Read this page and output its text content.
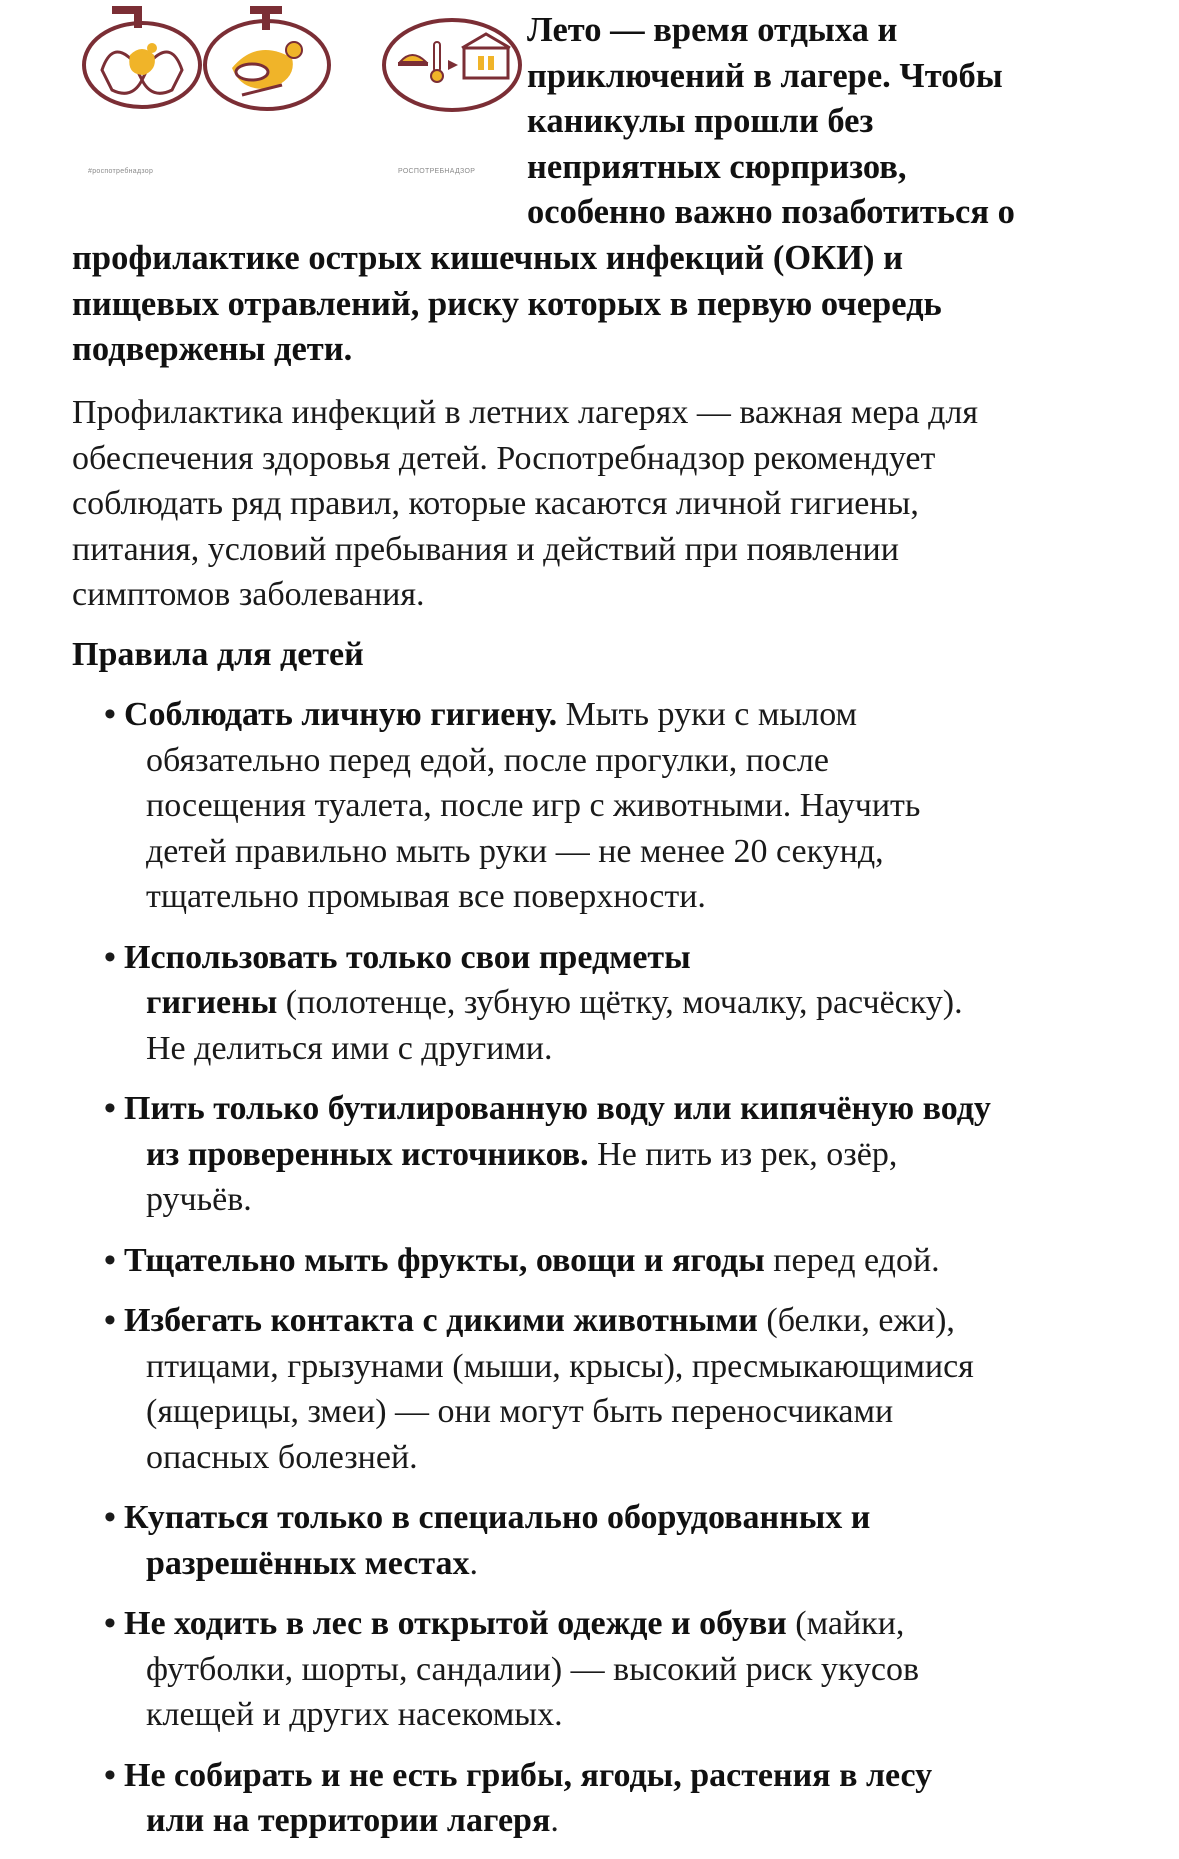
#роспотребнадзор	РОСПОТРЕБНАДЗОР
Лето — время отдыха и
приключений в лагере. Чтобы
каникулы прошли без
неприятных сюрпризов,
особенно важно позаботиться о
профилактике острых кишечных инфекций (ОКИ) и
пищевых отравлений, риску которых в первую очередь
подвержены дети.
Профилактика инфекций в летних лагерях — важная мера для
обеспечения здоровья детей. Роспотребнадзор рекомендует
соблюдать ряд правил, которые касаются личной гигиены,
питания, условий пребывания и действий при появлении
симптомов заболевания.
Правила для детей
• Соблюдать личную гигиену. Мыть руки с мылом
обязательно перед едой, после прогулки, после
посещения туалета, после игр с животными. Научить
детей правильно мыть руки — не менее 20 секунд,
тщательно промывая все поверхности.
• Использовать только свои предметы
гигиены (полотенце, зубную щётку, мочалку, расчёску).
Не делиться ими с другими.
• Пить только бутилированную воду или кипячёную воду
из проверенных источников. Не пить из рек, озёр,
ручьёв.
• Тщательно мыть фрукты, овощи и ягоды перед едой.
• Избегать контакта с дикими животными (белки, ежи),
птицами, грызунами (мыши, крысы), пресмыкающимися
(ящерицы, змеи) — они могут быть переносчиками
опасных болезней.
• Купаться только в специально оборудованных и
разрешённых местах.
• Не ходить в лес в открытой одежде и обуви (майки,
футболки, шорты, сандалии) — высокий риск укусов
клещей и других насекомых.
• Не собирать и не есть грибы, ягоды, растения в лесу
или на территории лагеря.
